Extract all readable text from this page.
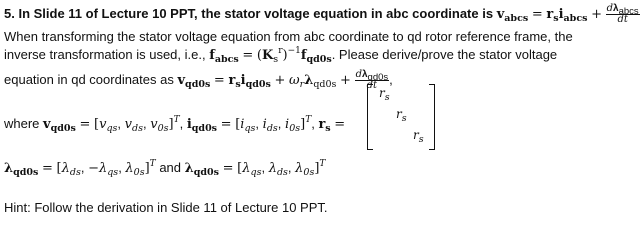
5. In Slide 11 of Lecture 10 PPT, the stator voltage equation in abc coordinate is $v_{abcs} = r_si_{abcs} + \frac{\text{dλabcs}}{dt}$
When transforming the stator voltage equation from abc coordinate to qd rotor reference frame, the
inverse transformation is used, i.e., $f_{abcs} = (K_s^r)^{-1}f_{qd0s}$. Please derive/prove the stator voltage
equation in qd coordinates as $v_{qd0s} = r_si_{qd0s} + \omega_r\lambda_{qd0s} + \frac{\text{dλqd0s}}{dt}$ ,
where $v_{qd0s} = [v_{qs}$, $v_{ds}$, $v_{0s}]^T$, $i_{qd0s} = [i_{qs}$, $i_{ds}$, $i_{0s}]^T$, $r_s$ =
$r_s$
$r_s$
$r_s$
$\lambda_{qd0s} = [\lambda_{ds}$, $-\lambda_{qs}$, $\lambda_{0s}]^T$ and $\lambda_{qd0s} = [\lambda_{qs}$, $\lambda_{ds}$, $\lambda_{0s}]^T$
Hint: Follow the derivation in Slide 11 of Lecture 10 PPT.
